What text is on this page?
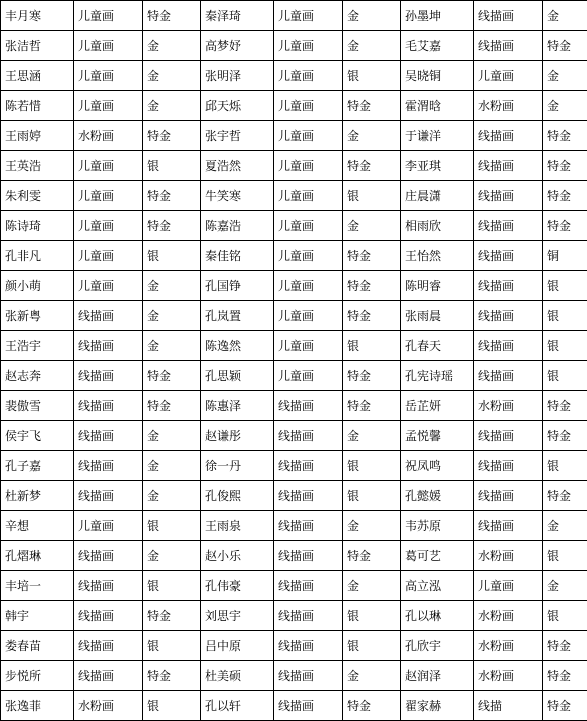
丰月寒	儿童画	特金	秦泽琦	儿童画	金	孙墨坤	线描画	金
张洁哲	儿童画	金	高梦妤	儿童画	金	毛艾嘉	线描画	特金
王思涵	儿童画	金	张明泽	儿童画	银	吴晓铜	儿童画	金
陈若惜	儿童画	金	邱天烁	儿童画	特金	霍渭晗	水粉画	金
王雨婷	水粉画	特金	张宇哲	儿童画	金	于谦洋	线描画	特金
王英浩	儿童画	银	夏浩然	儿童画	特金	李亚琪	线描画	特金
朱利雯	儿童画	特金	牛笑寒	儿童画	银	庄晨潇	线描画	特金
陈诗琦	儿童画	特金	陈嘉浩	儿童画	金	相雨欣	线描画	特金
孔非凡	儿童画	银	秦佳铭	儿童画	特金	王怡然	线描画	铜
颜小萌	儿童画	金	孔国铮	儿童画	特金	陈明睿	线描画	银
张新粤	线描画	金	孔岚置	儿童画	特金	张雨晨	线描画	银
王浩宇	线描画	金	陈逸然	儿童画	银	孔春天	线描画	银
赵志奔	线描画	特金	孔思颖	儿童画	特金	孔宪诗瑶	线描画	银
裴傲雪	线描画	特金	陈惠泽	线描画	特金	岳芷妍	水粉画	特金
侯宇飞	线描画	金	赵谦彤	线描画	金	孟悦馨	线描画	特金
孔子嘉	线描画	金	徐一丹	线描画	银	祝凤鸣	线描画	银
杜新梦	线描画	金	孔俊熙	线描画	银	孔懿媛	线描画	特金
辛想	儿童画	银	王雨泉	线描画	金	韦苏原	线描画	金
孔熠琳	线描画	金	赵小乐	线描画	特金	葛可艺	水粉画	银
丰培一	线描画	银	孔伟豪	线描画	金	高立泓	儿童画	金
韩宇	线描画	特金	刘思宇	线描画	银	孔以琳	水粉画	银
娄春苗	线描画	银	吕中原	线描画	银	孔欣宇	水粉画	特金
步悦所	线描画	特金	杜美硕	线描画	金	赵润泽	水粉画	特金
张逸菲	水粉画	银	孔以轩	线描画	特金	翟家赫	线描	特金
